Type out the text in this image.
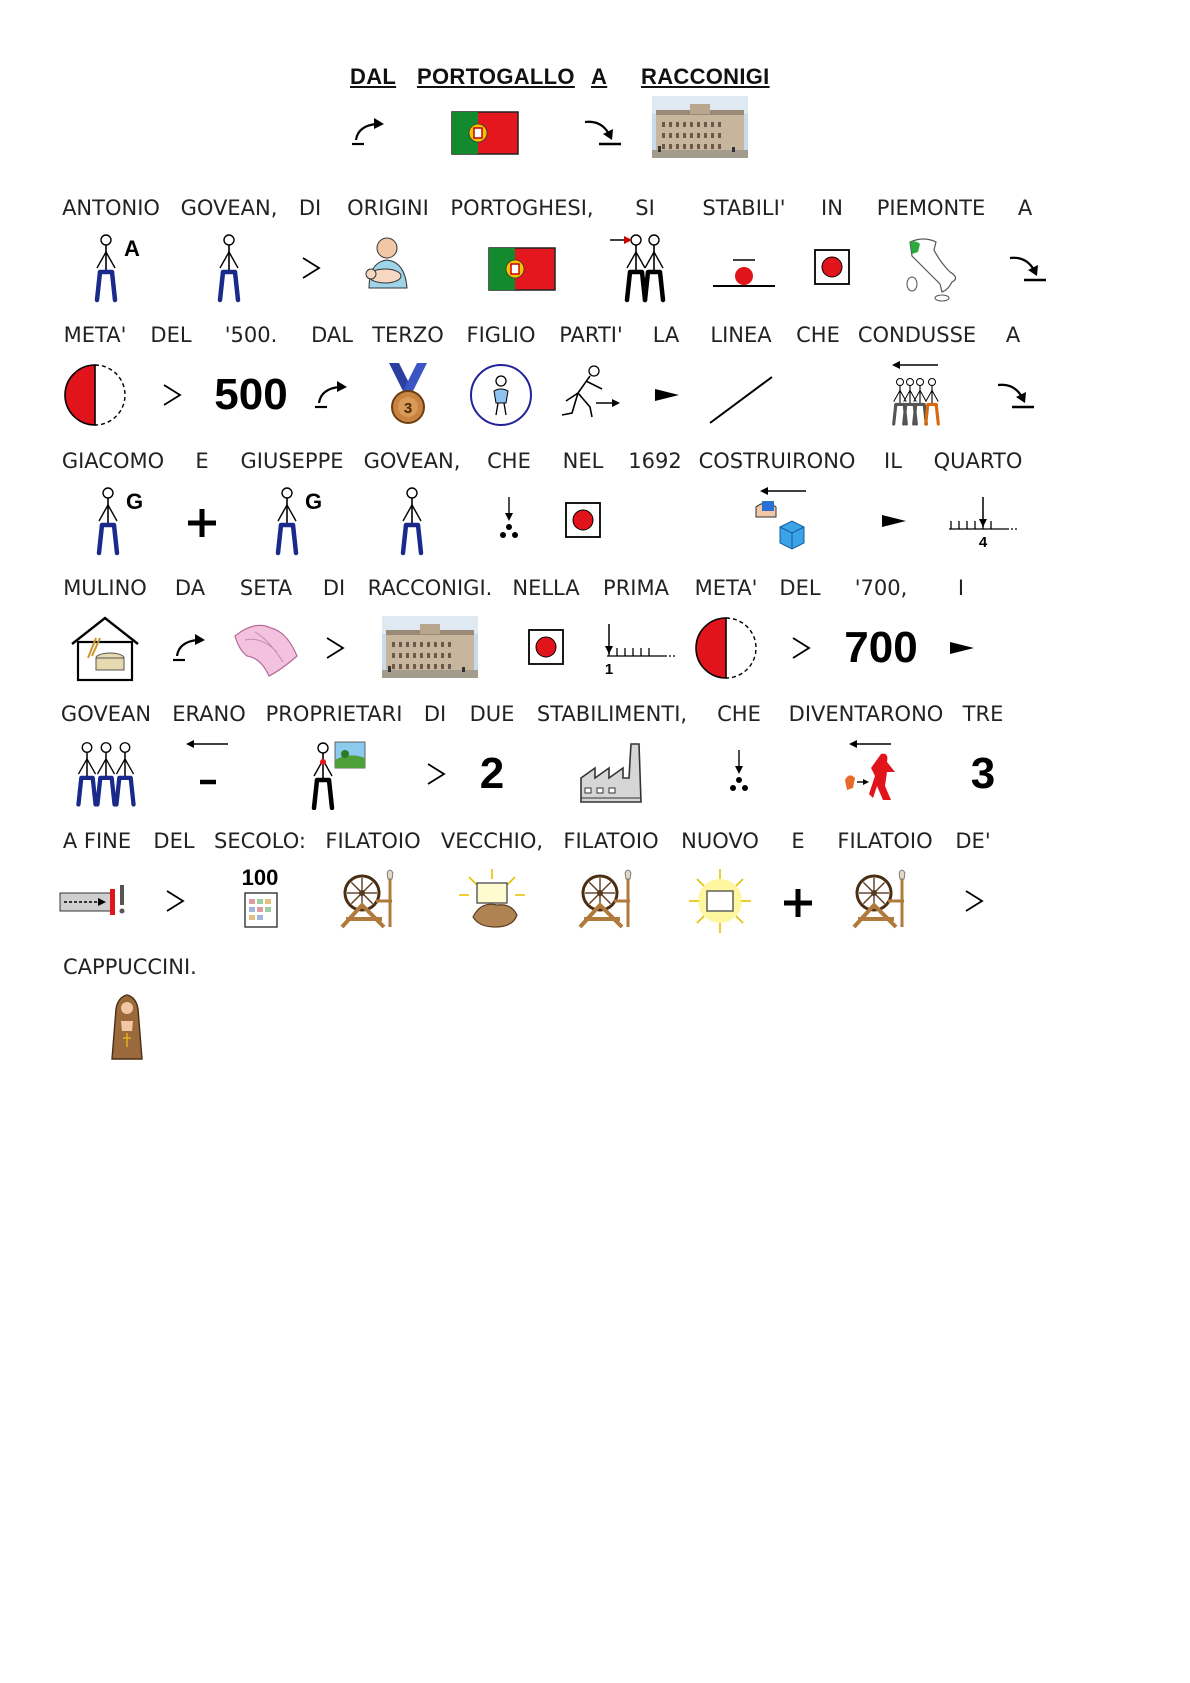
DAL PORTOGALLO A RACCONIGI
ANTONIO
A
GOVEAN, DI ORIGINI PORTOGHESI, SI STABILI' IN PIEMONTE A
META' DEL '500.
500
DAL TERZO
3
FIGLIO PARTI' LA LINEA CHE CONDUSSE A
GIACOMO
G
E GIUSEPPE
G
GOVEAN, CHE NEL 1692 COSTRUIRONO IL QUARTO
4
MULINO DA SETA DI RACCONIGI. NELLA PRIMA
1
META' DEL '700,
700
I
GOVEAN ERANO PROPRIETARI DI DUE
2
STABILIMENTI, CHE DIVENTARONO TRE
3
A FINE DEL SECOLO:
100
FILATOIO VECCHIO, FILATOIO NUOVO E FILATOIO DE'
CAPPUCCINI.
